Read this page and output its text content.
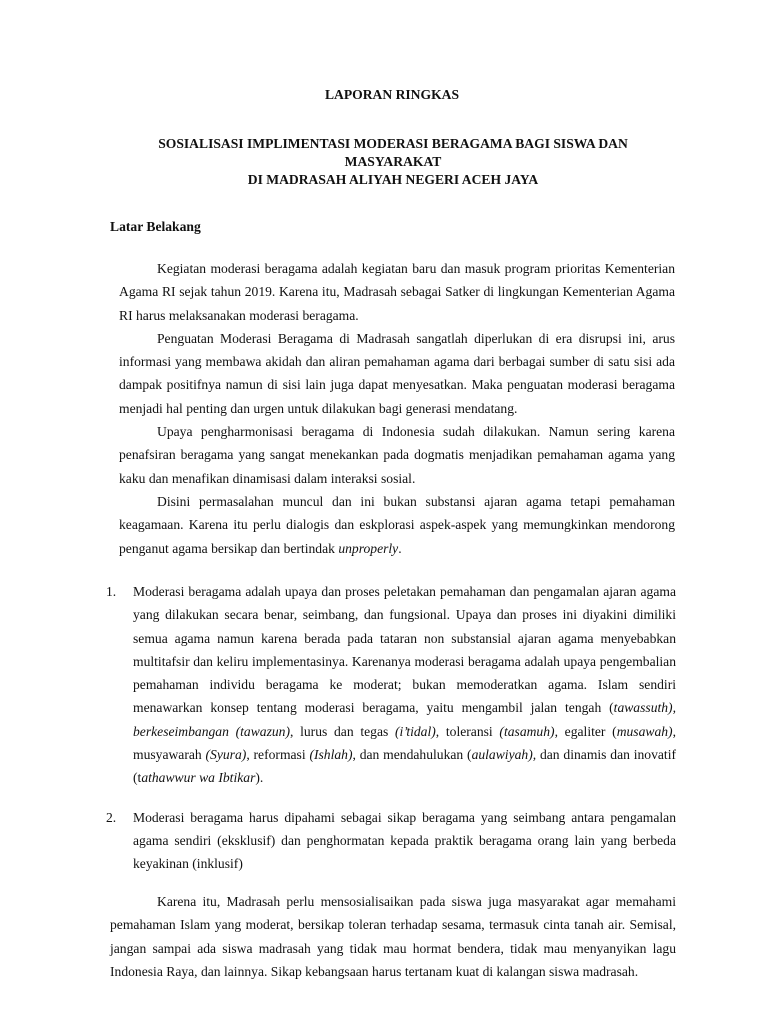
LAPORAN RINGKAS
SOSIALISASI IMPLIMENTASI MODERASI BERAGAMA BAGI SISWA DAN
MASYARAKAT
DI MADRASAH ALIYAH NEGERI ACEH JAYA
Latar Belakang

Kegiatan moderasi beragama adalah kegiatan baru dan masuk program prioritas Kementerian Agama RI sejak tahun 2019. Karena itu, Madrasah sebagai Satker di lingkungan Kementerian Agama RI harus melaksanakan moderasi beragama.

Penguatan Moderasi Beragama di Madrasah sangatlah diperlukan di era disrupsi ini, arus informasi yang membawa akidah dan aliran pemahaman agama dari berbagai sumber di satu sisi ada dampak positifnya namun di sisi lain juga dapat menyesatkan. Maka penguatan moderasi beragama menjadi hal penting dan urgen untuk dilakukan bagi generasi mendatang.

Upaya pengharmonisasi beragama di Indonesia sudah dilakukan. Namun sering karena penafsiran beragama yang sangat menekankan pada dogmatis menjadikan pemahaman agama yang kaku dan menafikan dinamisasi dalam interaksi sosial.

Disini permasalahan muncul dan ini bukan substansi ajaran agama tetapi pemahaman keagamaan. Karena itu perlu dialogis dan eskplorasi aspek-aspek yang memungkinkan mendorong penganut agama bersikap dan bertindak unproperly.

1. Moderasi beragama adalah upaya dan proses peletakan pemahaman dan pengamalan ajaran agama yang dilakukan secara benar, seimbang, dan fungsional. Upaya dan proses ini diyakini dimiliki semua agama namun karena berada pada tataran non substansial ajaran agama menyebabkan multitafsir dan keliru implementasinya. Karenanya moderasi beragama adalah upaya pengembalian pemahaman individu beragama ke moderat; bukan memoderatkan agama. Islam sendiri menawarkan konsep tentang moderasi beragama, yaitu mengambil jalan tengah (tawassuth), berkeseimbangan (tawazun), lurus dan tegas (i’tidal), toleransi (tasamuh), egaliter (musawah), musyawarah (Syura), reformasi (Ishlah), dan mendahulukan (aulawiyah), dan dinamis dan inovatif (tathawwur wa Ibtikar).
2. Moderasi beragama harus dipahami sebagai sikap beragama yang seimbang antara pengamalan agama sendiri (eksklusif) dan penghormatan kepada praktik beragama orang lain yang berbeda keyakinan (inklusif)

Karena itu, Madrasah perlu mensosialisaikan pada siswa juga masyarakat agar memahami pemahaman Islam yang moderat, bersikap toleran terhadap sesama, termasuk cinta tanah air. Semisal, jangan sampai ada siswa madrasah yang tidak mau hormat bendera, tidak mau menyanyikan lagu Indonesia Raya, dan lainnya. Sikap kebangsaan harus tertanam kuat di kalangan siswa madrasah.
